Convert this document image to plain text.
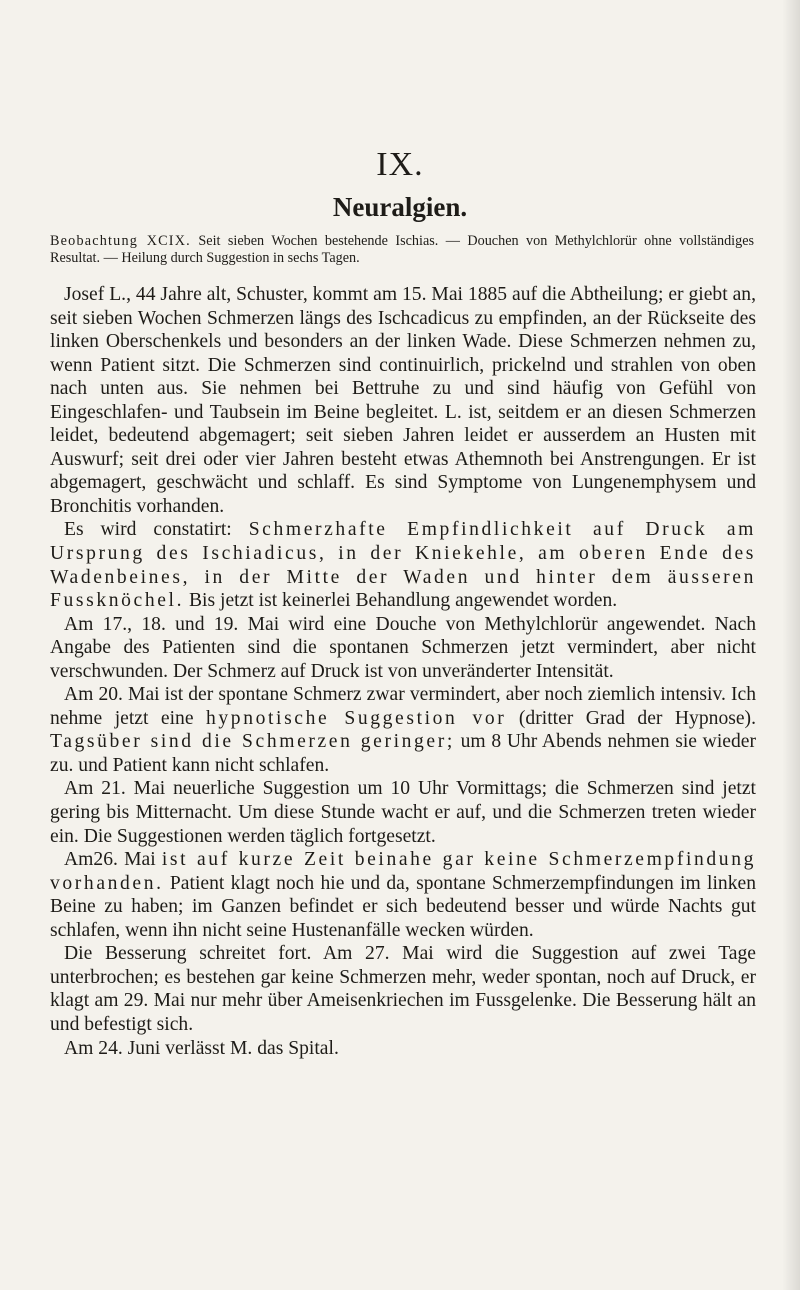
IX.
Neuralgien.
Beobachtung XCIX. Seit sieben Wochen bestehende Ischias. — Douchen von Methylchlorür ohne vollständiges Resultat. — Heilung durch Suggestion in sechs Tagen.

Josef L., 44 Jahre alt, Schuster, kommt am 15. Mai 1885 auf die Abtheilung; er giebt an, seit sieben Wochen Schmerzen längs des Ischcadicus zu empfinden, an der Rückseite des linken Oberschenkels und besonders an der linken Wade. Diese Schmerzen nehmen zu, wenn Patient sitzt. Die Schmerzen sind continuirlich, prickelnd und strahlen von oben nach unten aus. Sie nehmen bei Bettruhe zu und sind häufig von Gefühl von Eingeschlafen- und Taubsein im Beine begleitet. L. ist, seitdem er an diesen Schmerzen leidet, bedeutend abgemagert; seit sieben Jahren leidet er ausserdem an Husten mit Auswurf; seit drei oder vier Jahren besteht etwas Athemnoth bei Anstrengungen. Er ist abgemagert, geschwächt und schlaff. Es sind Symptome von Lungenemphysem und Bronchitis vorhanden.

Es wird constatirt: Schmerzhafte Empfindlichkeit auf Druck am Ursprung des Ischiadicus, in der Kniekehle, am oberen Ende des Wadenbeines, in der Mitte der Waden und hinter dem äusseren Fussknöchel. Bis jetzt ist keinerlei Behandlung angewendet worden.

Am 17., 18. und 19. Mai wird eine Douche von Methylchlorür angewendet. Nach Angabe des Patienten sind die spontanen Schmerzen jetzt vermindert, aber nicht verschwunden. Der Schmerz auf Druck ist von unveränderter Intensität.

Am 20. Mai ist der spontane Schmerz zwar vermindert, aber noch ziemlich intensiv. Ich nehme jetzt eine hypnotische Suggestion vor (dritter Grad der Hypnose). Tagsüber sind die Schmerzen geringer; um 8 Uhr Abends nehmen sie wieder zu. und Patient kann nicht schlafen.

Am 21. Mai neuerliche Suggestion um 10 Uhr Vormittags; die Schmerzen sind jetzt gering bis Mitternacht. Um diese Stunde wacht er auf, und die Schmerzen treten wieder ein. Die Suggestionen werden täglich fortgesetzt.

Am26. Mai ist auf kurze Zeit beinahe gar keine Schmerzempfindung vorhanden. Patient klagt noch hie und da, spontane Schmerzempfindungen im linken Beine zu haben; im Ganzen befindet er sich bedeutend besser und würde Nachts gut schlafen, wenn ihn nicht seine Hustenanfälle wecken würden.

Die Besserung schreitet fort. Am 27. Mai wird die Suggestion auf zwei Tage unterbrochen; es bestehen gar keine Schmerzen mehr, weder spontan, noch auf Druck, er klagt am 29. Mai nur mehr über Ameisenkriechen im Fussgelenke. Die Besserung hält an und befestigt sich.

Am 24. Juni verlässt M. das Spital.
